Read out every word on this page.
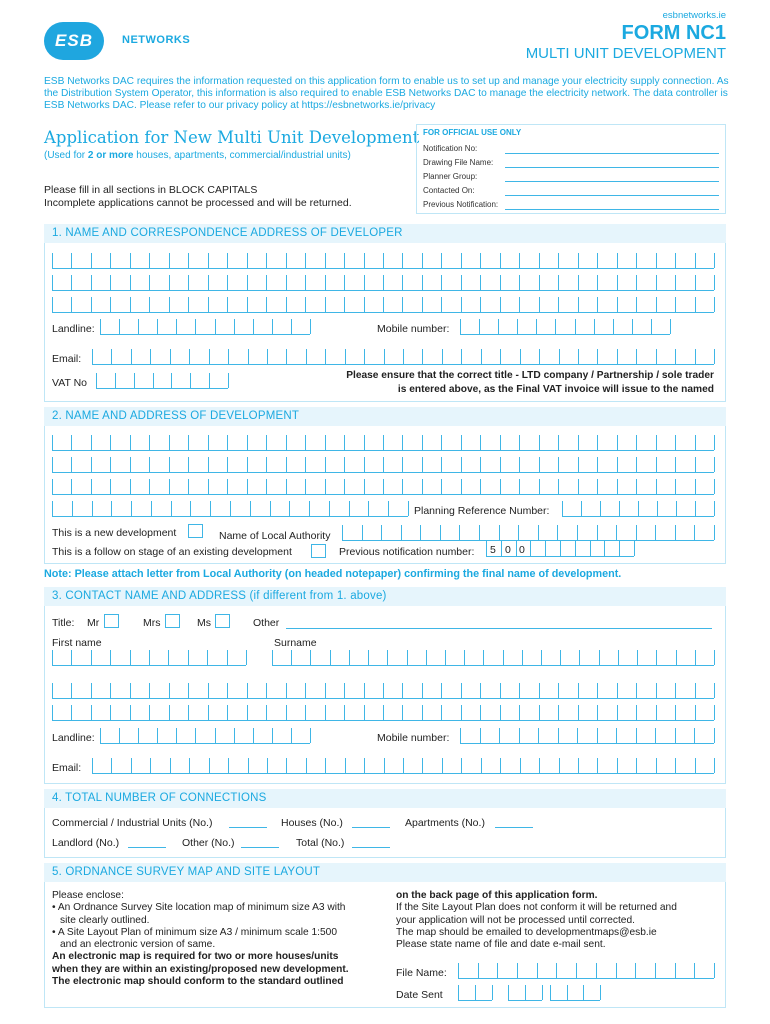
ESB	NETWORKS
esbnetworks.ie
FORM NC1
MULTI UNIT DEVELOPMENT
ESB Networks DAC requires the information requested on this application form to enable us to set up and manage your electricity supply connection. As the Distribution System Operator, this information is also required to enable ESB Networks DAC to manage the electricity network. The data controller is ESB Networks DAC. Please refer to our privacy policy at https://esbnetworks.ie/privacy
Application for New Multi Unit Development
(Used for 2 or more houses, apartments, commercial/industrial units)
Please fill in all sections in BLOCK CAPITALS
Incomplete applications cannot be processed and will be returned.
FOR OFFICIAL USE ONLY
Notification No:
Drawing File Name:
Planner Group:
Contacted On:
Previous Notification:
1. NAME AND CORRESPONDENCE ADDRESS OF DEVELOPER
Landline:	Mobile number:
Email:
VAT No
Please ensure that the correct title - LTD company / Partnership / sole trader
is entered above, as the Final VAT invoice will issue to the named
2. NAME AND ADDRESS OF DEVELOPMENT
Planning Reference Number:
This is a new development	Name of Local Authority
This is a follow on stage of an existing development	Previous notification number: 5 0 0
Note: Please attach letter from Local Authority (on headed notepaper) confirming the final name of development.
3. CONTACT NAME AND ADDRESS (if different from 1. above)
Title: Mr	Mrs	Ms	Other
First name	Surname
Landline:	Mobile number:
Email:
4. TOTAL NUMBER OF CONNECTIONS
Commercial / Industrial Units (No.)	Houses (No.)	Apartments (No.)
Landlord (No.)	Other (No.)	Total (No.)
5. ORDNANCE SURVEY MAP AND SITE LAYOUT
Please enclose:
• An Ordnance Survey Site location map of minimum size A3 with
site clearly outlined.
• A Site Layout Plan of minimum size A3 / minimum scale 1:500
and an electronic version of same.
An electronic map is required for two or more houses/units
when they are within an existing/proposed new development.
The electronic map should conform to the standard outlined
on the back page of this application form.
If the Site Layout Plan does not conform it will be returned and
your application will not be processed until corrected.
The map should be emailed to developmentmaps@esb.ie
Please state name of file and date e-mail sent.
File Name:
Date Sent
